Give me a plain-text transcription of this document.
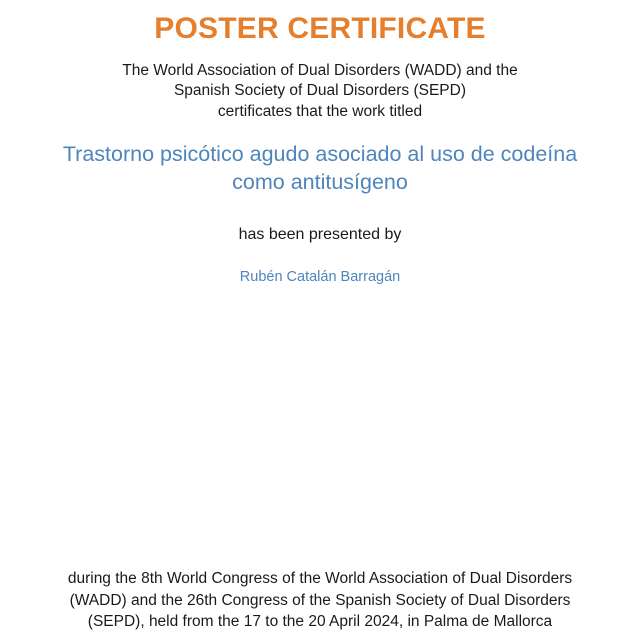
POSTER CERTIFICATE
The World Association of Dual Disorders (WADD) and the
Spanish Society of Dual Disorders (SEPD)
certificates that the work titled
Trastorno psicótico agudo asociado al uso de codeína como antitusígeno

has been presented by

Rubén Catalán Barragán

during the 8th World Congress of the World Association of Dual Disorders
(WADD) and the 26th Congress of the Spanish Society of Dual Disorders
(SEPD), held from the 17 to the 20 April 2024, in Palma de Mallorca
